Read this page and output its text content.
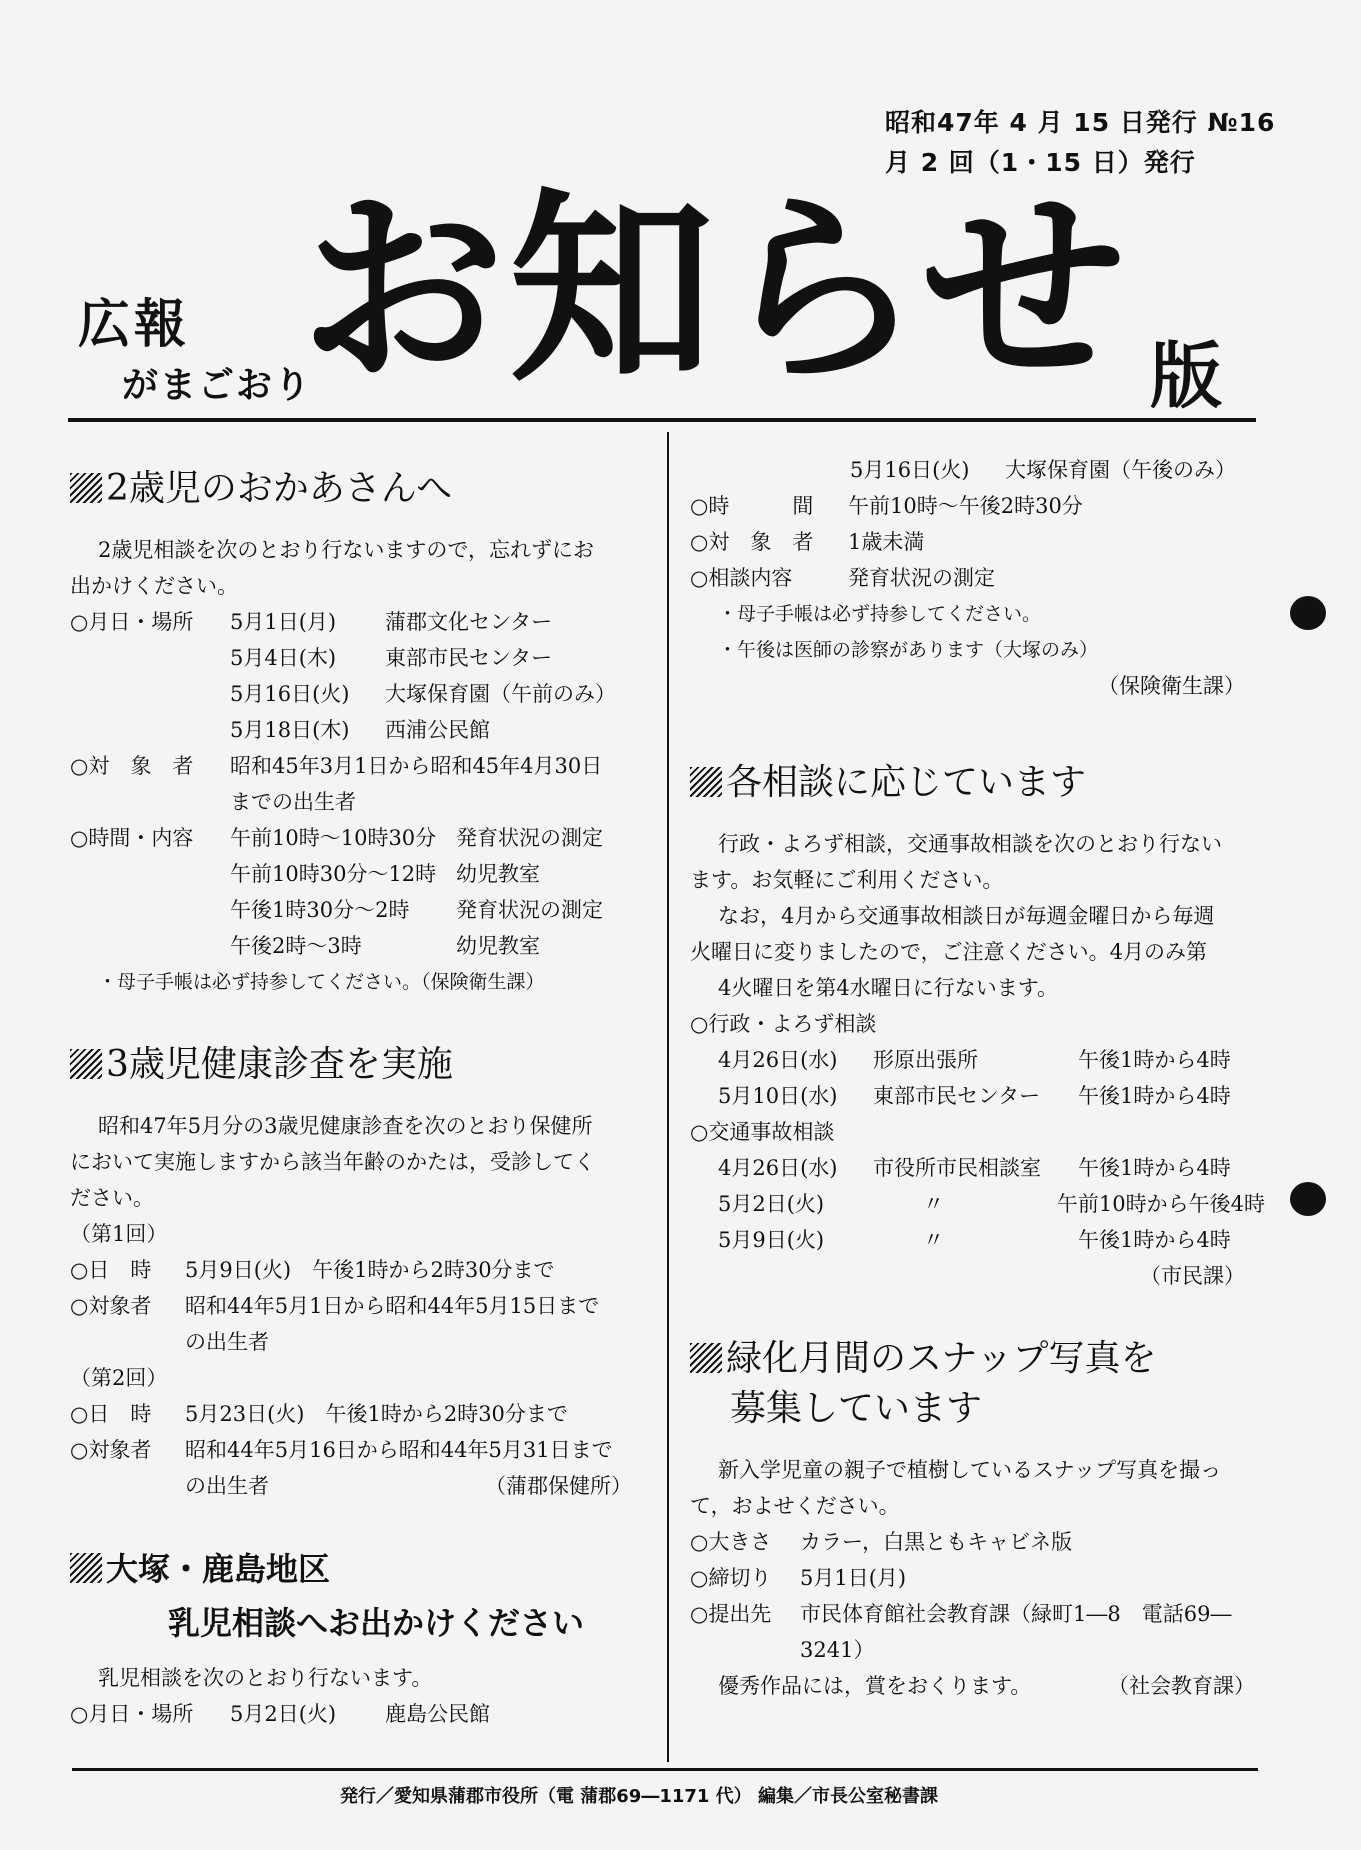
昭和47年 4 月 15 日発行 №16
月 2 回（1・15 日）発行
広報
がまごおり
お知らせ 版
2歳児のおかあさんへ

2歳児相談を次のとおり行ないますので，忘れずにお

出かけください。

○月日・場所	5月1日(月)	蒲郡文化センター
5月4日(木)	東部市民センター
5月16日(火)	大塚保育園（午前のみ）
5月18日(木)	西浦公民館
○対　象　者	昭和45年3月1日から昭和45年4月30日
までの出生者
○時間・内容	午前10時〜10時30分 発育状況の測定
午前10時30分〜12時 幼児教室
午後1時30分〜2時	発育状況の測定
午後2時〜3時	幼児教室

・母子手帳は必ず持参してください。（保険衛生課）

3歳児健康診査を実施

昭和47年5月分の3歳児健康診査を次のとおり保健所

において実施しますから該当年齢のかたは，受診してく

ださい。

（第1回）

○日　時	5月9日(火)　午後1時から2時30分まで
○対象者	昭和44年5月1日から昭和44年5月15日まで
の出生者

（第2回）

○日　時	5月23日(火)　午後1時から2時30分まで
○対象者	昭和44年5月16日から昭和44年5月31日まで
の出生者	（蒲郡保健所）
大塚・鹿島地区
乳児相談へお出かけください

乳児相談を次のとおり行ないます。

○月日・場所	5月2日(火)	鹿島公民館
5月16日(火)	大塚保育園（午後のみ）
○時　　　間	午前10時〜午後2時30分
○対　象　者	1歳未満
○相談内容	発育状況の測定

・母子手帳は必ず持参してください。

・午後は医師の診察があります（大塚のみ）

（保険衛生課）

各相談に応じています

行政・よろず相談，交通事故相談を次のとおり行ない

ます。お気軽にご利用ください。

なお，4月から交通事故相談日が毎週金曜日から毎週

火曜日に変りましたので，ご注意ください。4月のみ第

4火曜日を第4水曜日に行ないます。

○行政・よろず相談

4月26日(水)	形原出張所	午後1時から4時
5月10日(水)	東部市民センター	午後1時から4時

○交通事故相談

4月26日(水)	市役所市民相談室	午後1時から4時
5月2日(火)	〃	午前10時から午後4時
5月9日(火)	〃	午後1時から4時

（市民課）

緑化月間のスナップ写真を
募集しています

新入学児童の親子で植樹しているスナップ写真を撮っ

て，およせください。

○大きさ	カラー，白黒ともキャビネ版
○締切り	5月1日(月)
○提出先	市民体育館社会教育課（緑町1―8　電話69―
3241）
優秀作品には，賞をおくります。	（社会教育課）
発行／愛知県蒲郡市役所（電 蒲郡69―1171 代） 編集／市長公室秘書課
